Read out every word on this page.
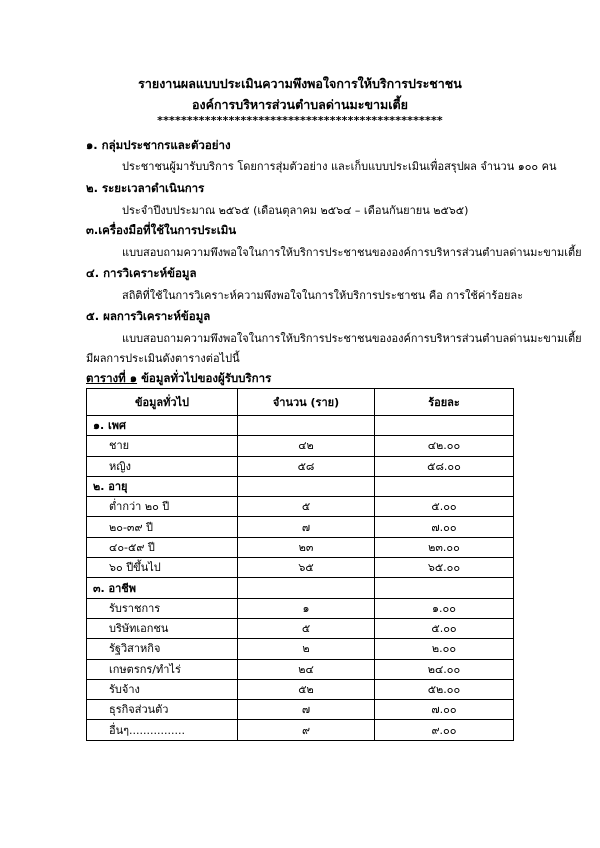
รายงานผลแบบประเมินความพึงพอใจการให้บริการประชาชน
องค์การบริหารส่วนตำบลด่านมะขามเตี้ย
************************************************
๑. กลุ่มประชากรและตัวอย่าง
ประชาชนผู้มารับบริการ โดยการสุ่มตัวอย่าง และเก็บแบบประเมินเพื่อสรุปผล จำนวน ๑๐๐ คน
๒. ระยะเวลาดำเนินการ
ประจำปีงบประมาณ ๒๕๖๕ (เดือนตุลาคม ๒๕๖๔ – เดือนกันยายน ๒๕๖๕)
๓.เครื่องมือที่ใช้ในการประเมิน
แบบสอบถามความพึงพอใจในการให้บริการประชาชนขององค์การบริหารส่วนตำบลด่านมะขามเตี้ย
๔. การวิเคราะห์ข้อมูล
สถิติที่ใช้ในการวิเคราะห์ความพึงพอใจในการให้บริการประชาชน คือ การใช้ค่าร้อยละ
๕. ผลการวิเคราะห์ข้อมูล
แบบสอบถามความพึงพอใจในการให้บริการประชาชนขององค์การบริหารส่วนตำบลด่านมะขามเตี้ย
มีผลการประเมินดังตารางต่อไปนี้
ตารางที่ ๑ ข้อมูลทั่วไปของผู้รับบริการ
ข้อมูลทั่วไป	จำนวน (ราย)	ร้อยละ
๑. เพศ		
ชาย	๔๒	๔๒.๐๐
หญิง	๕๘	๕๘.๐๐
๒. อายุ		
ต่ำกว่า ๒๐ ปี	๕	๕.๐๐
๒๐-๓๙ ปี	๗	๗.๐๐
๔๐-๕๙ ปี	๒๓	๒๓.๐๐
๖๐ ปีขึ้นไป	๖๕	๖๕.๐๐
๓. อาชีพ		
รับราชการ	๑	๑.๐๐
บริษัทเอกชน	๕	๕.๐๐
รัฐวิสาหกิจ	๒	๒.๐๐
เกษตรกร/ทำไร่	๒๔	๒๔.๐๐
รับจ้าง	๕๒	๕๒.๐๐
ธุรกิจส่วนตัว	๗	๗.๐๐
อื่นๆ................	๙	๙.๐๐
